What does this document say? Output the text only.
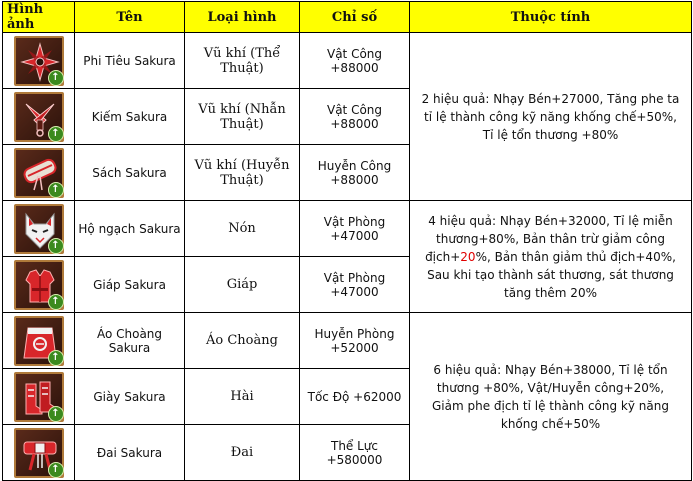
Hình ảnh	Tên	Loại hình	Chỉ số	Thuộc tính

↑	Phi Tiêu Sakura	Vũ khí (Thể Thuật)	Vật Công +88000	2 hiệu quả: Nhạy Bén+27000, Tăng phe ta tỉ lệ thành công kỹ năng khống chế+50%, Tỉ lệ tổn thương +80%

↑	Kiếm Sakura	Vũ khí (Nhẫn Thuật)	Vật Công +88000	

↑	Sách Sakura	Vũ khí (Huyễn Thuật)	Huyễn Công +88000	

↑	Hộ ngạch Sakura	Nón	Vật Phòng +47000	4 hiệu quả: Nhạy Bén+32000, Tỉ lệ miễn thương+80%, Bản thân trừ giảm công địch+20%, Bản thân giảm thủ địch+40%, Sau khi tạo thành sát thương, sát thương tăng thêm 20%

↑	Giáp Sakura	Giáp	Vật Phòng +47000	

↑	Áo Choàng Sakura	Áo Choàng	Huyễn Phòng +52000	6 hiệu quả: Nhạy Bén+38000, Tỉ lệ tổn thương +80%, Vật/Huyễn công+20%, Giảm phe địch tỉ lệ thành công kỹ năng khống chế+50%

↑	Giày Sakura	Hài	Tốc Độ +62000	

↑	Đai Sakura	Đai	Thể Lực +580000	
